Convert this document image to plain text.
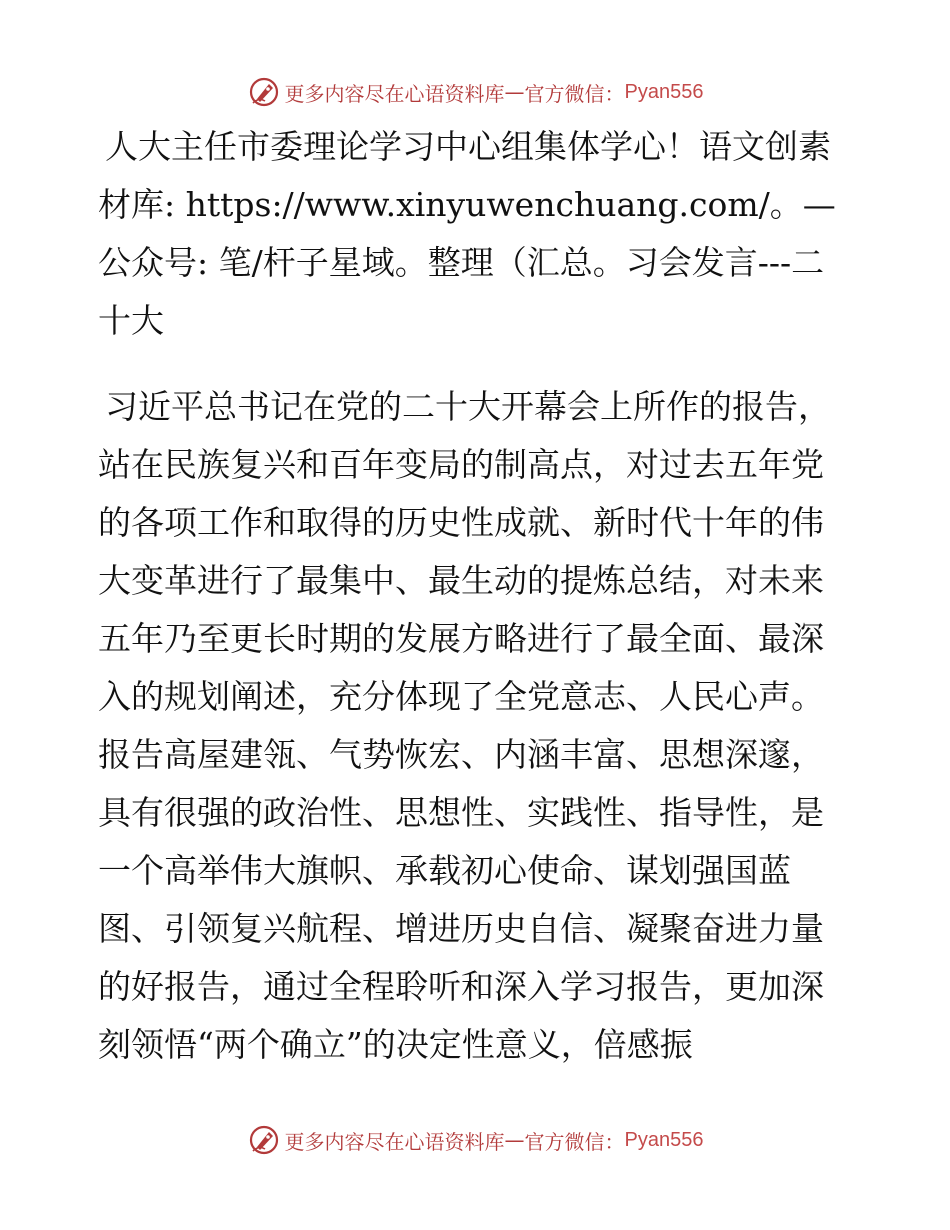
更多内容尽在心语资料库 — 官方微信： Pyan556
人大主任市委理论学习中心组集体学心！语文创素材库: https://www.xinyuwenchuang.com/。—公众号: 笔/杆子星域。整理（汇总。习会发言---二十大

习近平总书记在党的二十大开幕会上所作的报告，站在民族复兴和百年变局的制高点，对过去五年党的各项工作和取得的历史性成就、新时代十年的伟大变革进行了最集中、最生动的提炼总结，对未来五年乃至更长时期的发展方略进行了最全面、最深入的规划阐述，充分体现了全党意志、人民心声。报告高屋建瓴、气势恢宏、内涵丰富、思想深邃，具有很强的政治性、思想性、实践性、指导性，是一个高举伟大旗帜、承载初心使命、谋划强国蓝图、引领复兴航程、增进历史自信、凝聚奋进力量的好报告，通过全程聆听和深入学习报告，更加深刻领悟“两个确立”的决定性意义，倍感振

更多内容尽在心语资料库 — 官方微信： Pyan556
